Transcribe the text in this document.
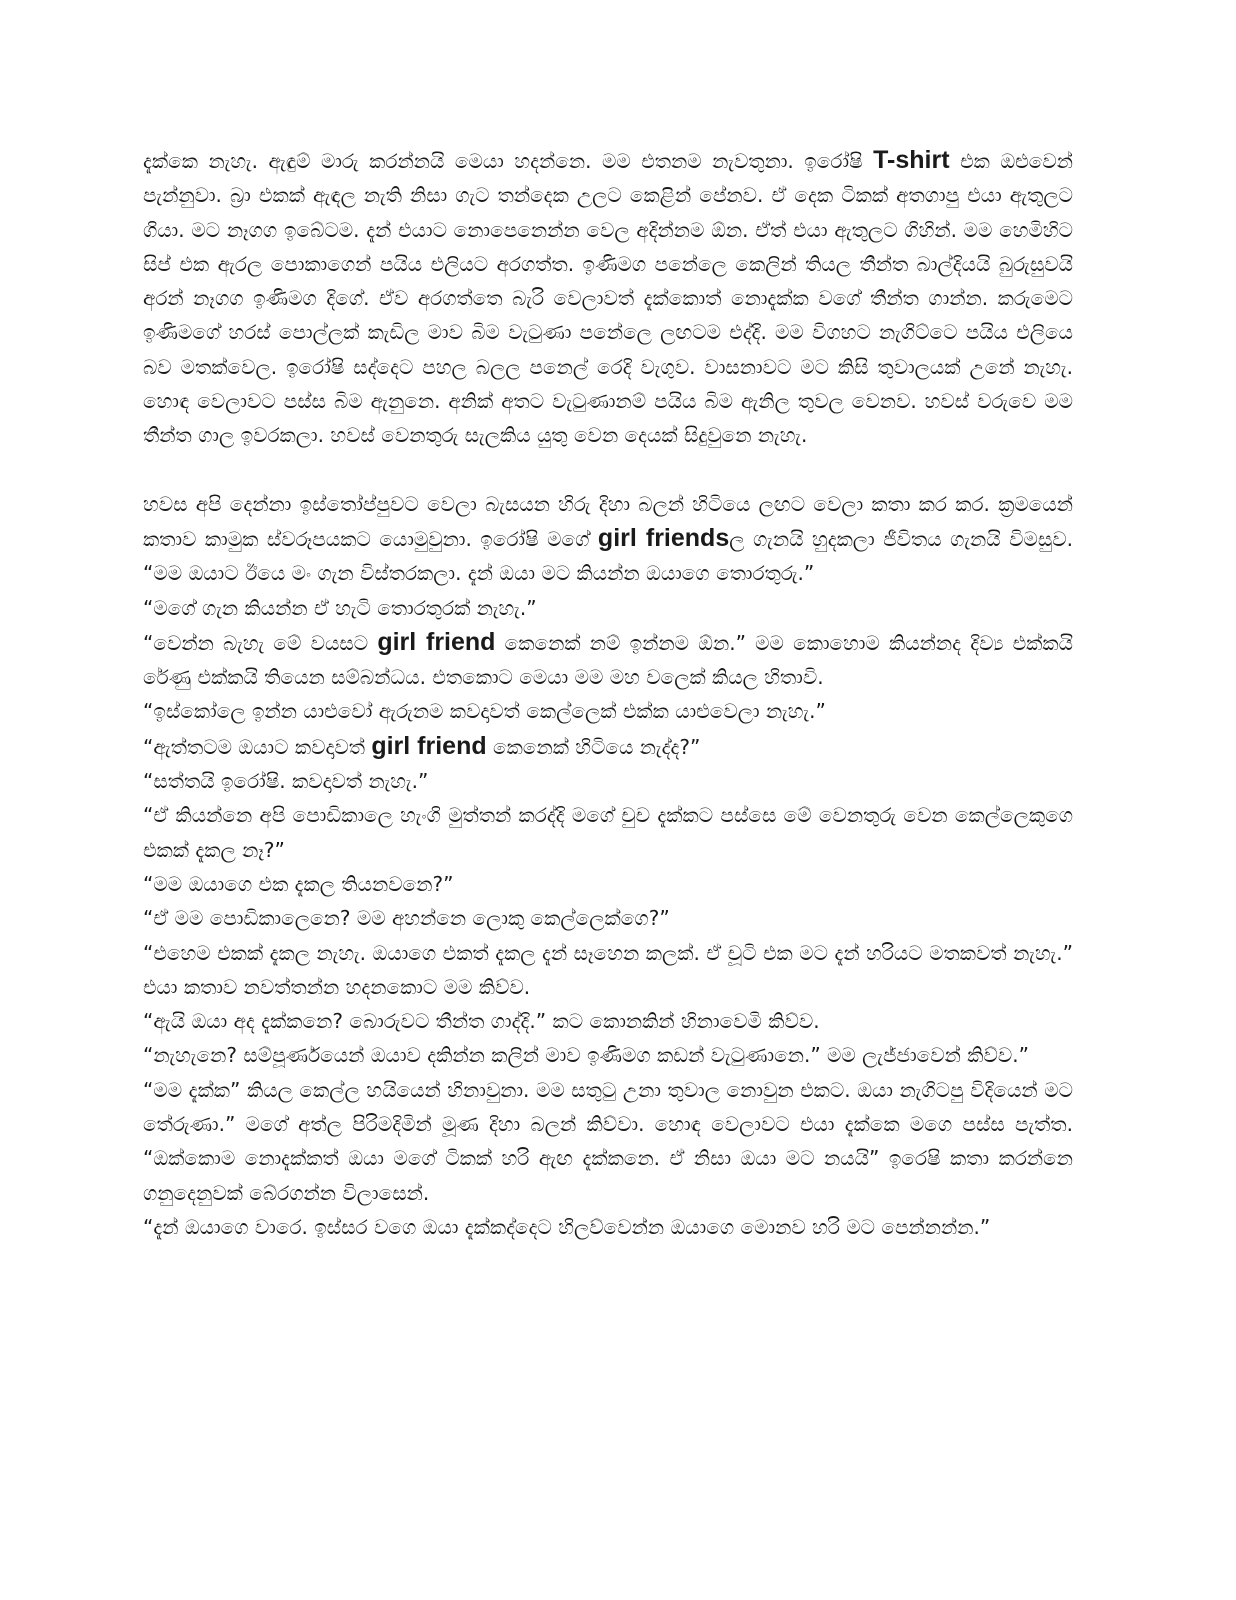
දැක්කෙ නැහැ. ඇඳුම් මාරු කරන්නයි මෙයා හදන්නෙ. මම එතනම නැවතුනා. ඉරෝෂි T-shirt එක ඔළුවෙන් පැන්නුවා. බ්‍රා එකක් ඇඳල නැති නිසා ගැට තන්දෙක උලට කෙළින් පේනව. ඒ දෙක ටිකක් අතගාපු එයා ඇතුලට ගියා. මට නෑගග ඉබේටම. දැන් එයාට නොපෙනෙන්න වෙල අදින්නම ඕන. ඒත් එයා ඇතුලට ගිහින්. මම හෙමිහිට සිප් එක ඇරල පොකාගෙන් පයිය එලියට අරගත්ත. ඉණිමග පනේලෙ කෙලින් තියල තීන්ත බාල්දියයි බුරුසුවයි අරන් නෑගග ඉණිමග දිගේ. ඒව අරගත්තෙ බැරි වෙලාවත් දැක්කොත් නොදැක්ක වගේ තීන්ත ගාන්න. කරුමෙට ඉණිමගේ හරස් පොල්ලක් කැඩිල මාව බිම වැටුණා පනේලෙ ලඟටම එද්දි. මම විගහට නැගිට්ටෙ පයිය එලියෙ බව මතක්වෙල. ඉරෝෂි සද්දෙට පහල බලල පනෙල් රෙදි වැගුව. වාසනාවට මට කිසි තුවාලයක් උනේ නැහැ. හොඳ වෙලාවට පස්ස බිම ඇනුනෙ. අනික් අතට වැටුණානම් පයිය බිම ඇනිල තුවල වෙනව. හවස් වරුවෙ මම තීන්ත ගාල ඉවරකලා. හවස් වෙනතුරු සැලකිය යුතු වෙන දෙයක් සිදුවුනෙ නැහැ.

හවස අපි දෙන්නා ඉස්තෝප්පුවට වෙලා බැසයන හිරු දිහා බලන් හිටියෙ ලඟට වෙලා කතා කර කර. ක්‍රමයෙන් කතාව කාමුක ස්වරූපයකට යොමුවුනා. ඉරෝෂි මගේ girl friendsල ගැනයි හුදකලා ජීවිතය ගැනයි විමසුව. “මම ඔයාට ඊයෙ මං ගැන විස්තරකලා. දැන් ඔයා මට කියන්න ඔයාගෙ තොරතුරු.”

“මගේ ගැන කියන්න ඒ හැටි තොරතුරක් නැහැ.”

“වෙන්න බැහැ මේ වයසට girl friend කෙනෙක් නම් ඉන්නම ඕන.” මම කොහොම කියන්නද දිව්‍ය එක්කයි රේණු එක්කයි තියෙන සම්බන්ධය. එතකොට මෙයා මම මහ වලෙක් කියල හිතාවි.

“ඉස්කෝලෙ ඉන්න යාළුවෝ ඇරුනම කවදාවත් කෙල්ලෙක් එක්ක යාළුවෙලා නැහැ.”

“ඇත්තටම ඔයාට කවදාවත් girl friend කෙනෙක් හිටියෙ නැද්ද?”

“සත්තයි ඉරෝෂි. කවදාවත් නැහැ.”

“ඒ කියන්නෙ අපි පොඩිකාලෙ හැංගි මුත්තන් කරද්දි මගේ චුච දැක්කට පස්සෙ මේ වෙනතුරු වෙන කෙල්ලෙකුගෙ එකක් දැකල නෑ?”

“මම ඔයාගෙ එක දැකල තියනවනෙ?”

“ඒ මම පොඩිකාලෙනෙ? මම අහන්නෙ ලොකු කෙල්ලෙක්ගෙ?”

“එහෙම එකක් දැකල නැහැ. ඔයාගෙ එකත් දැකල දැන් සෑහෙන කලක්. ඒ චූටි එක මට දැන් හරියට මතකවත් නැහැ.” එයා කතාව නවත්තන්න හදනකොට මම කිව්ව.

“ඇයි ඔයා අද දැක්කනෙ? බොරුවට තීන්ත ගාද්දි.” කට කොනකින් හිනාවෙමි කිව්ව.

“නැහැනෙ? සම්පූර්ණයෙන් ඔයාව දකින්න කලින් මාව ඉණිමග කඩන් වැටුණානෙ.” මම ලැජ්ජාවෙන් කිව්ව.”

“මම දැක්ක” කියල කෙල්ල හයියෙන් හිනාවුනා. මම සතුටු උනා තුවාල නොවුන එකට. ඔයා නැගිටපු විදියෙන් මට තේරුණා.” මගේ අත්ල පිරිමදිමින් මූණ දිහා බලන් කිව්වා. හොඳ වෙලාවට එයා දැක්කෙ මගෙ පස්ස පැත්ත. “ඔක්කොම නොදැක්කත් ඔයා මගේ ටිකක් හරි ඇඟ දැක්කනෙ. ඒ නිසා ඔයා මට නයයි” ඉරෙෂි කතා කරන්නෙ ගනුදෙනුවක් බේරගන්න විලාසෙන්.

“දැන් ඔයාගෙ වාරෙ. ඉස්සර වගෙ ඔයා දැක්කද්දෙට හිලව්වෙන්න ඔයාගෙ මොනව හරි මට පෙන්නන්න.”
